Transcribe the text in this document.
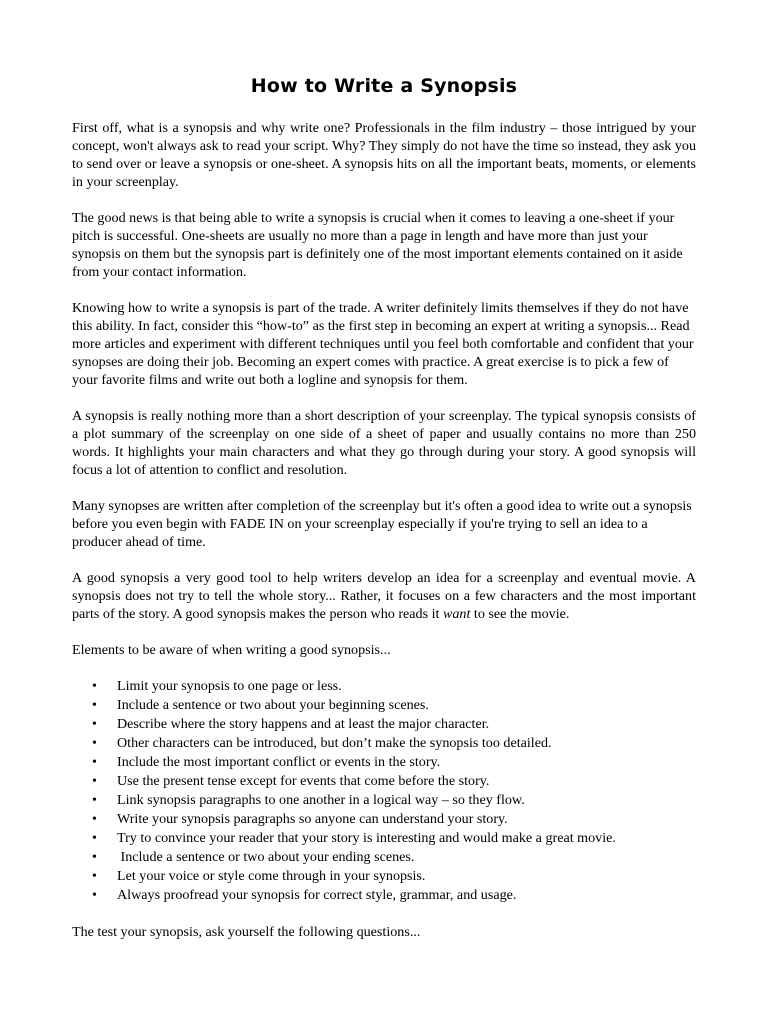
How to Write a Synopsis

First off, what is a synopsis and why write one? Professionals in the film industry – those intrigued by your concept, won't always ask to read your script. Why? They simply do not have the time so instead, they ask you to send over or leave a synopsis or one-sheet. A synopsis hits on all the important beats, moments, or elements in your screenplay.

The good news is that being able to write a synopsis is crucial when it comes to leaving a one-sheet if your pitch is successful. One-sheets are usually no more than a page in length and have more than just your synopsis on them but the synopsis part is definitely one of the most important elements contained on it aside from your contact information.

Knowing how to write a synopsis is part of the trade. A writer definitely limits themselves if they do not have this ability. In fact, consider this “how-to” as the first step in becoming an expert at writing a synopsis... Read more articles and experiment with different techniques until you feel both comfortable and confident that your synopses are doing their job. Becoming an expert comes with practice. A great exercise is to pick a few of your favorite films and write out both a logline and synopsis for them.

A synopsis is really nothing more than a short description of your screenplay. The typical synopsis consists of a plot summary of the screenplay on one side of a sheet of paper and usually contains no more than 250 words. It highlights your main characters and what they go through during your story. A good synopsis will focus a lot of attention to conflict and resolution.

Many synopses are written after completion of the screenplay but it's often a good idea to write out a synopsis before you even begin with FADE IN on your screenplay especially if you're trying to sell an idea to a producer ahead of time.

A good synopsis a very good tool to help writers develop an idea for a screenplay and eventual movie. A synopsis does not try to tell the whole story... Rather, it focuses on a few characters and the most important parts of the story. A good synopsis makes the person who reads it want to see the movie.

Elements to be aware of when writing a good synopsis...

• Limit your synopsis to one page or less.
• Include a sentence or two about your beginning scenes.
• Describe where the story happens and at least the major character.
• Other characters can be introduced, but don’t make the synopsis too detailed.
• Include the most important conflict or events in the story.
• Use the present tense except for events that come before the story.
• Link synopsis paragraphs to one another in a logical way – so they flow.
• Write your synopsis paragraphs so anyone can understand your story.
• Try to convince your reader that your story is interesting and would make a great movie.
• Include a sentence or two about your ending scenes.
• Let your voice or style come through in your synopsis.
• Always proofread your synopsis for correct style, grammar, and usage.

The test your synopsis, ask yourself the following questions...
